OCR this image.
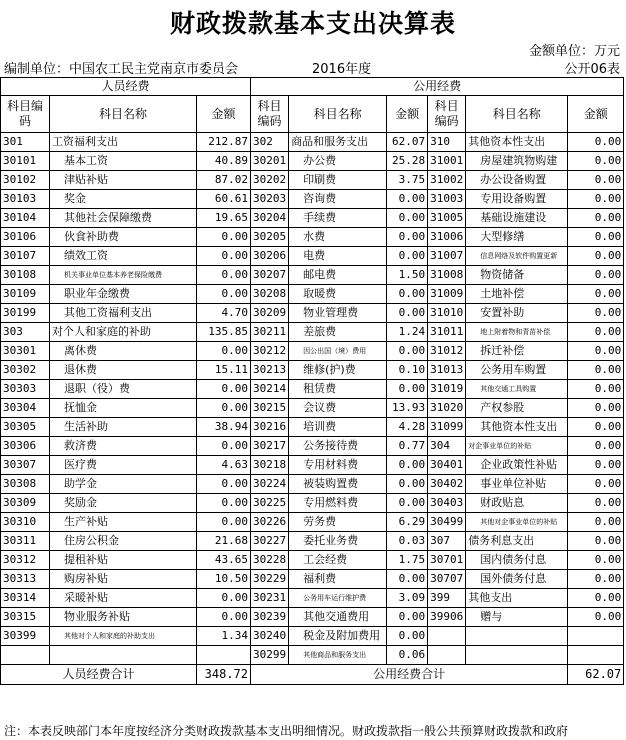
财政拨款基本支出决算表
金额单位：万元
编制单位：中国农工民主党南京市委员会	2016年度	公开06表
人员经费			公用经费					
科目编码	科目名称	金额	科目编码	科目名称	金额	科目编码	科目名称	金额
301	工资福利支出	212.87	302	商品和服务支出	62.07	310	其他资本性支出	0.00
30101	基本工资	40.89	30201	办公费	25.28	31001	房屋建筑物购建	0.00
30102	津贴补贴	87.02	30202	印刷费	3.75	31002	办公设备购置	0.00
30103	奖金	60.61	30203	咨询费	0.00	31003	专用设备购置	0.00
30104	其他社会保障缴费	19.65	30204	手续费	0.00	31005	基础设施建设	0.00
30106	伙食补助费	0.00	30205	水费	0.00	31006	大型修缮	0.00
30107	绩效工资	0.00	30206	电费	0.00	31007	信息网络及软件购置更新	0.00
30108	机关事业单位基本养老保险缴费	0.00	30207	邮电费	1.50	31008	物资储备	0.00
30109	职业年金缴费	0.00	30208	取暖费	0.00	31009	土地补偿	0.00
30199	其他工资福利支出	4.70	30209	物业管理费	0.00	31010	安置补助	0.00
303	对个人和家庭的补助	135.85	30211	差旅费	1.24	31011	地上附着物和青苗补偿	0.00
30301	离休费	0.00	30212	因公出国（境）费用	0.00	31012	拆迁补偿	0.00
30302	退休费	15.11	30213	维修(护)费	0.10	31013	公务用车购置	0.00
30303	退职（役）费	0.00	30214	租赁费	0.00	31019	其他交通工具购置	0.00
30304	抚恤金	0.00	30215	会议费	13.93	31020	产权参股	0.00
30305	生活补助	38.94	30216	培训费	4.28	31099	其他资本性支出	0.00
30306	救济费	0.00	30217	公务接待费	0.77	304	对企事业单位的补贴	0.00
30307	医疗费	4.63	30218	专用材料费	0.00	30401	企业政策性补贴	0.00
30308	助学金	0.00	30224	被装购置费	0.00	30402	事业单位补贴	0.00
30309	奖励金	0.00	30225	专用燃料费	0.00	30403	财政贴息	0.00
30310	生产补贴	0.00	30226	劳务费	6.29	30499	其他对企事业单位的补贴	0.00
30311	住房公积金	21.68	30227	委托业务费	0.03	307	债务利息支出	0.00
30312	提租补贴	43.65	30228	工会经费	1.75	30701	国内债务付息	0.00
30313	购房补贴	10.50	30229	福利费	0.00	30707	国外债务付息	0.00
30314	采暖补贴	0.00	30231	公务用车运行维护费	3.09	399	其他支出	0.00
30315	物业服务补贴	0.00	30239	其他交通费用	0.00	39906	赠与	0.00
30399	其他对个人和家庭的补助支出	1.34	30240	税金及附加费用	0.00			
			30299	其他商品和服务支出	0.06			
人员经费合计		348.72	公用经费合计					62.07
注：本表反映部门本年度按经济分类财政拨款基本支出明细情况。财政拨款指一般公共预算财政拨款和政府
